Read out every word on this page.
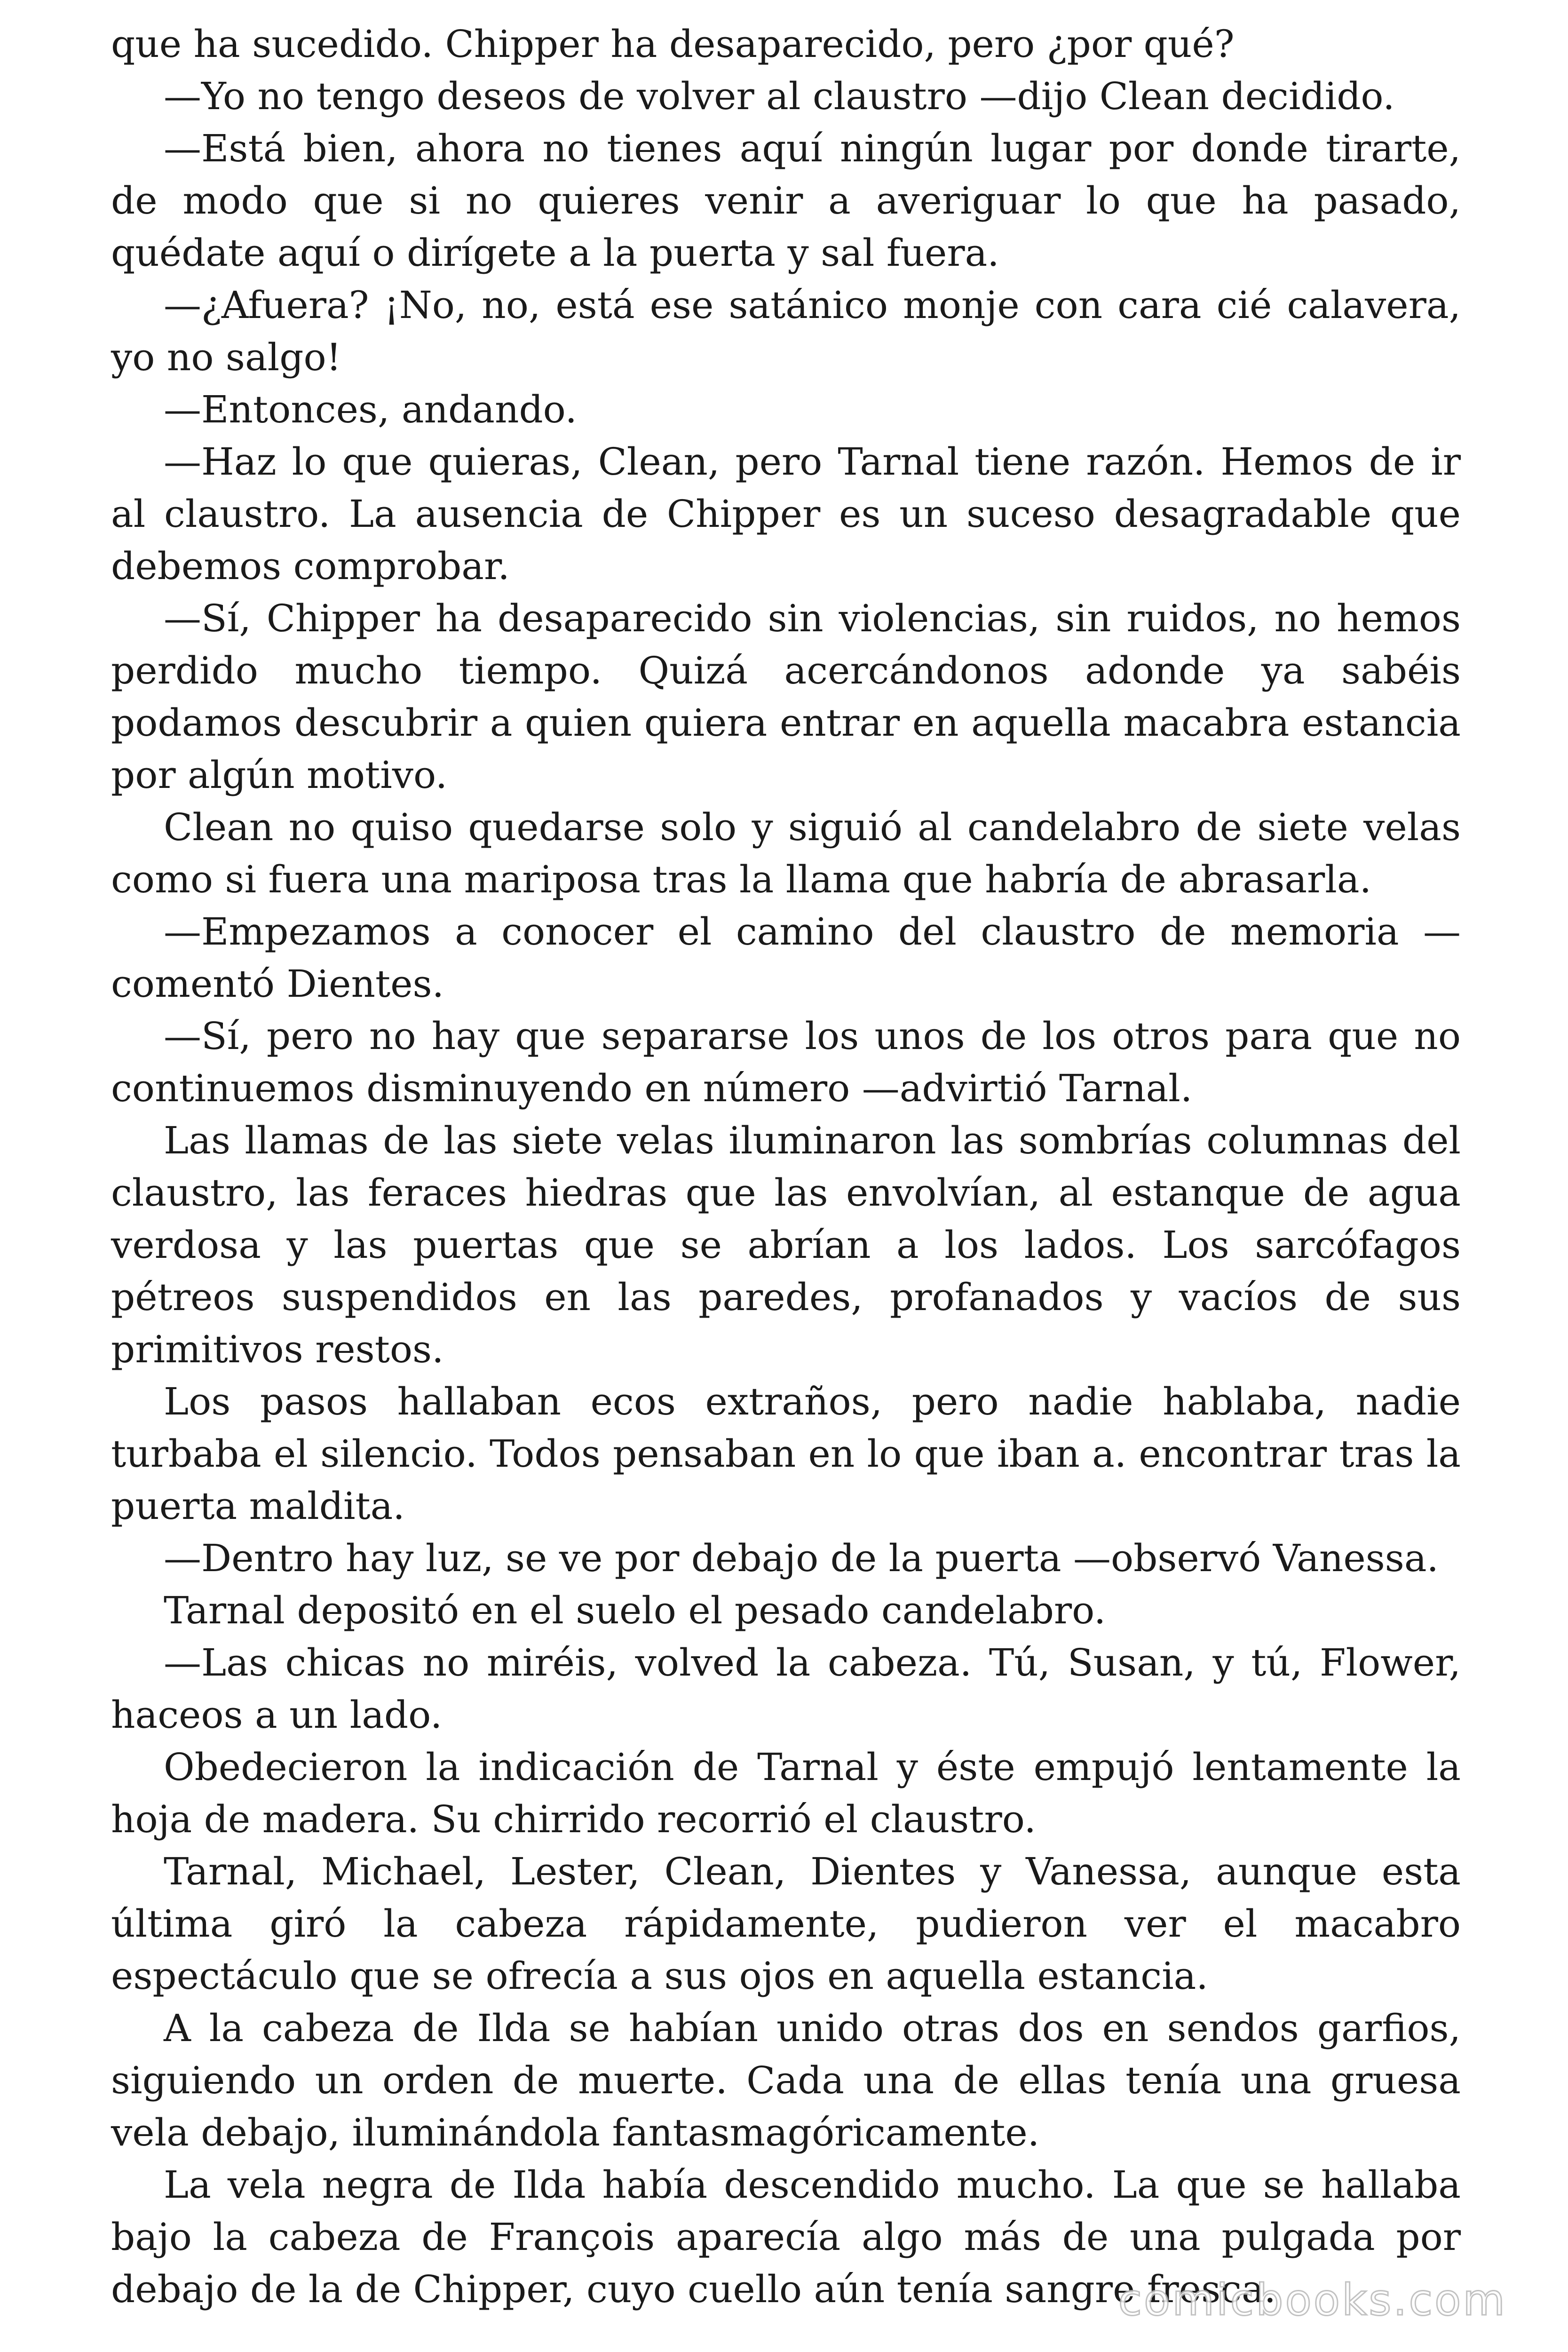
que ha sucedido. Chipper ha desaparecido, pero ¿por qué?

—Yo no tengo deseos de volver al claustro —dijo Clean decidido.

—Está bien, ahora no tienes aquí ningún lugar por donde tirarte, de modo que si no quieres venir a averiguar lo que ha pasado, quédate aquí o dirígete a la puerta y sal fuera.

—¿Afuera? ¡No, no, está ese satánico monje con cara cié calavera, yo no salgo!

—Entonces, andando.

—Haz lo que quieras, Clean, pero Tarnal tiene razón. Hemos de ir al claustro. La ausencia de Chipper es un suceso desagradable que debemos comprobar.

—Sí, Chipper ha desaparecido sin violencias, sin ruidos, no hemos perdido mucho tiempo. Quizá acercándonos adonde ya sabéis podamos descubrir a quien quiera entrar en aquella macabra estancia por algún motivo.

Clean no quiso quedarse solo y siguió al candelabro de siete velas como si fuera una mariposa tras la llama que habría de abrasarla.

—Empezamos a conocer el camino del claustro de memoria —comentó Dientes.

—Sí, pero no hay que separarse los unos de los otros para que no continuemos disminuyendo en número —advirtió Tarnal.

Las llamas de las siete velas iluminaron las sombrías columnas del claustro, las feraces hiedras que las envolvían, al estanque de agua verdosa y las puertas que se abrían a los lados. Los sarcófagos pétreos suspendidos en las paredes, profanados y vacíos de sus primitivos restos.

Los pasos hallaban ecos extraños, pero nadie hablaba, nadie turbaba el silencio. Todos pensaban en lo que iban a. encontrar tras la puerta maldita.

—Dentro hay luz, se ve por debajo de la puerta —observó Vanessa.

Tarnal depositó en el suelo el pesado candelabro.

—Las chicas no miréis, volved la cabeza. Tú, Susan, y tú, Flower, haceos a un lado.

Obedecieron la indicación de Tarnal y éste empujó lentamente la hoja de madera. Su chirrido recorrió el claustro.

Tarnal, Michael, Lester, Clean, Dientes y Vanessa, aunque esta última giró la cabeza rápidamente, pudieron ver el macabro espectáculo que se ofrecía a sus ojos en aquella estancia.

A la cabeza de Ilda se habían unido otras dos en sendos garfios, siguiendo un orden de muerte. Cada una de ellas tenía una gruesa vela debajo, iluminándola fantasmagóricamente.

La vela negra de Ilda había descendido mucho. La que se hallaba bajo la cabeza de François aparecía algo más de una pulgada por debajo de la de Chipper, cuyo cuello aún tenía sangre fresca.

comicbooks.com
